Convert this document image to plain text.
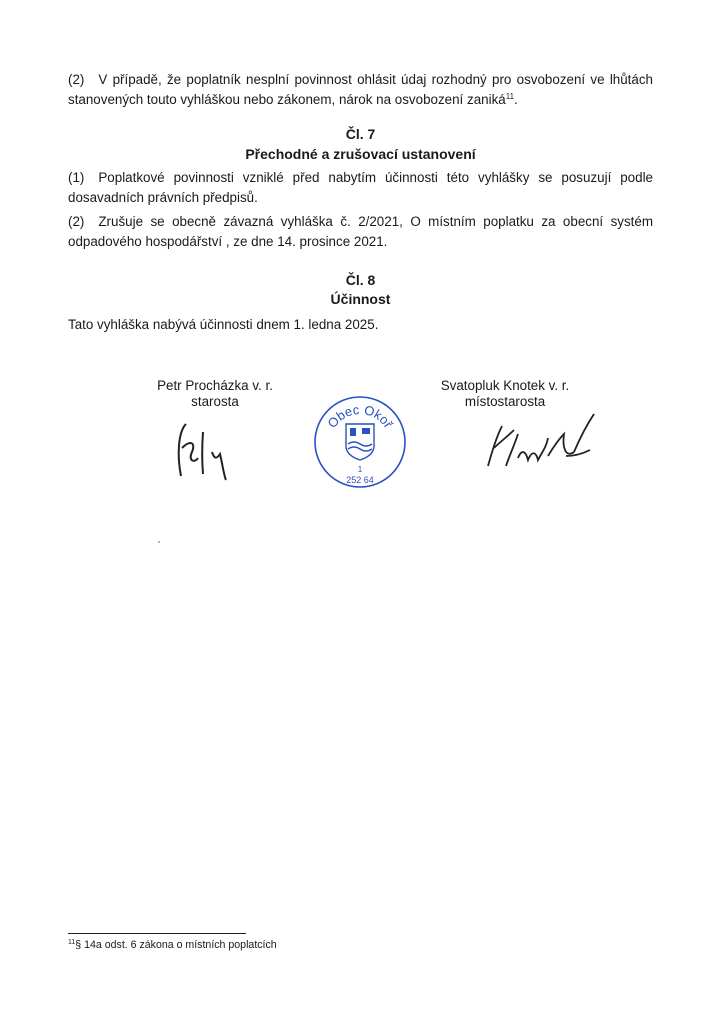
(2) V případě, že poplatník nesplní povinnost ohlásit údaj rozhodný pro osvobození ve lhůtách stanovených touto vyhláškou nebo zákonem, nárok na osvobození zaniká$^{11}$.
Čl. 7
Přechodné a zrušovací ustanovení
(1) Poplatkové povinnosti vzniklé před nabytím účinnosti této vyhlášky se posuzují podle dosavadních právních předpisů.
(2) Zrušuje se obecně závazná vyhláška č. 2/2021, O místním poplatku za obecní systém odpadového hospodářství , ze dne 14. prosince 2021.
Čl. 8
Účinnost
Tato vyhláška nabývá účinnosti dnem 1. ledna 2025.
Petr Procházka v. r.
starosta
Svatopluk Knotek v. r.
místostarosta
Obec Okoř
1
252 64
$^{11}$§ 14a odst. 6 zákona o místních poplatcích
